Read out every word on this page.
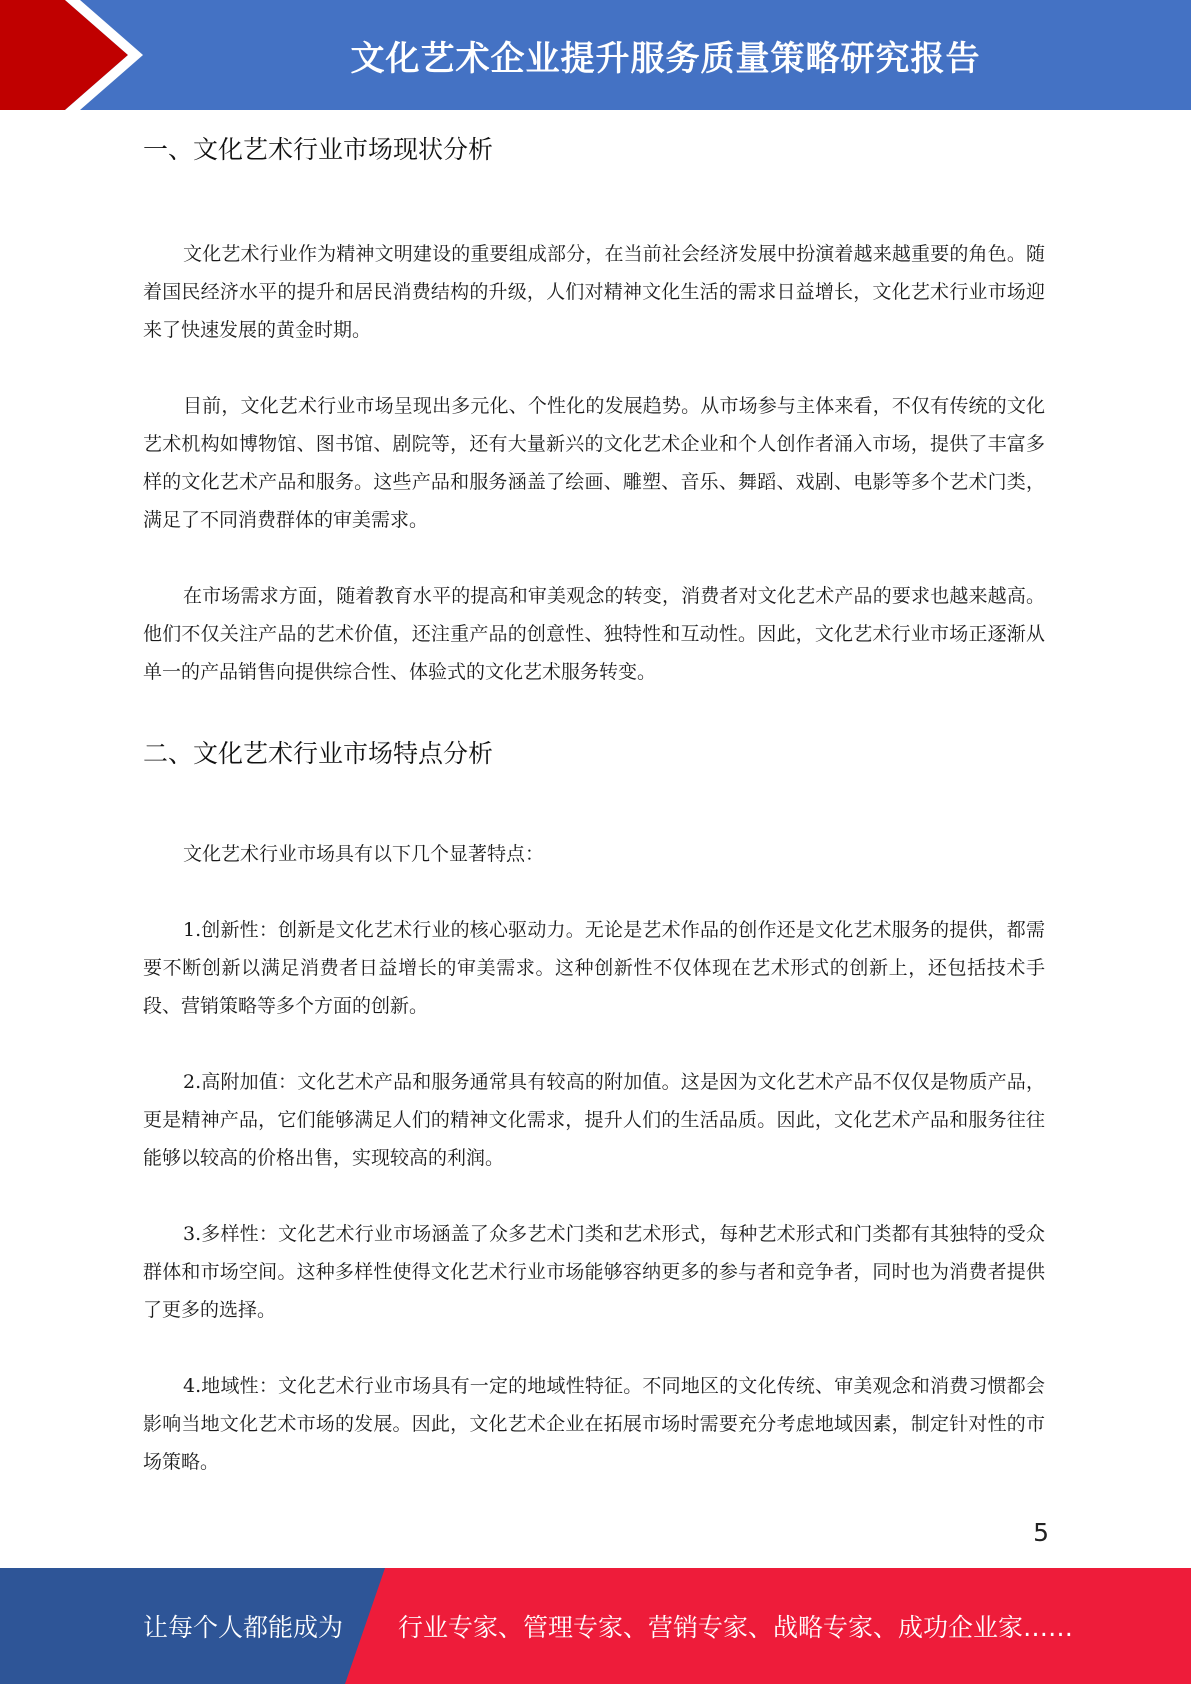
文化艺术企业提升服务质量策略研究报告
一、文化艺术行业市场现状分析

文化艺术行业作为精神文明建设的重要组成部分，在当前社会经济发展中扮演着越来越重要的角色。随着国民经济水平的提升和居民消费结构的升级，人们对精神文化生活的需求日益增长，文化艺术行业市场迎来了快速发展的黄金时期。

目前，文化艺术行业市场呈现出多元化、个性化的发展趋势。从市场参与主体来看，不仅有传统的文化艺术机构如博物馆、图书馆、剧院等，还有大量新兴的文化艺术企业和个人创作者涌入市场，提供了丰富多样的文化艺术产品和服务。这些产品和服务涵盖了绘画、雕塑、音乐、舞蹈、戏剧、电影等多个艺术门类，满足了不同消费群体的审美需求。

在市场需求方面，随着教育水平的提高和审美观念的转变，消费者对文化艺术产品的要求也越来越高。他们不仅关注产品的艺术价值，还注重产品的创意性、独特性和互动性。因此，文化艺术行业市场正逐渐从单一的产品销售向提供综合性、体验式的文化艺术服务转变。

二、文化艺术行业市场特点分析

文化艺术行业市场具有以下几个显著特点：

1.创新性：创新是文化艺术行业的核心驱动力。无论是艺术作品的创作还是文化艺术服务的提供，都需要不断创新以满足消费者日益增长的审美需求。这种创新性不仅体现在艺术形式的创新上，还包括技术手段、营销策略等多个方面的创新。

2.高附加值：文化艺术产品和服务通常具有较高的附加值。这是因为文化艺术产品不仅仅是物质产品，更是精神产品，它们能够满足人们的精神文化需求，提升人们的生活品质。因此，文化艺术产品和服务往往能够以较高的价格出售，实现较高的利润。

3.多样性：文化艺术行业市场涵盖了众多艺术门类和艺术形式，每种艺术形式和门类都有其独特的受众群体和市场空间。这种多样性使得文化艺术行业市场能够容纳更多的参与者和竞争者，同时也为消费者提供了更多的选择。

4.地域性：文化艺术行业市场具有一定的地域性特征。不同地区的文化传统、审美观念和消费习惯都会影响当地文化艺术市场的发展。因此，文化艺术企业在拓展市场时需要充分考虑地域因素，制定针对性的市场策略。

5
让每个人都能成为 行业专家、管理专家、营销专家、战略专家、成功企业家……
